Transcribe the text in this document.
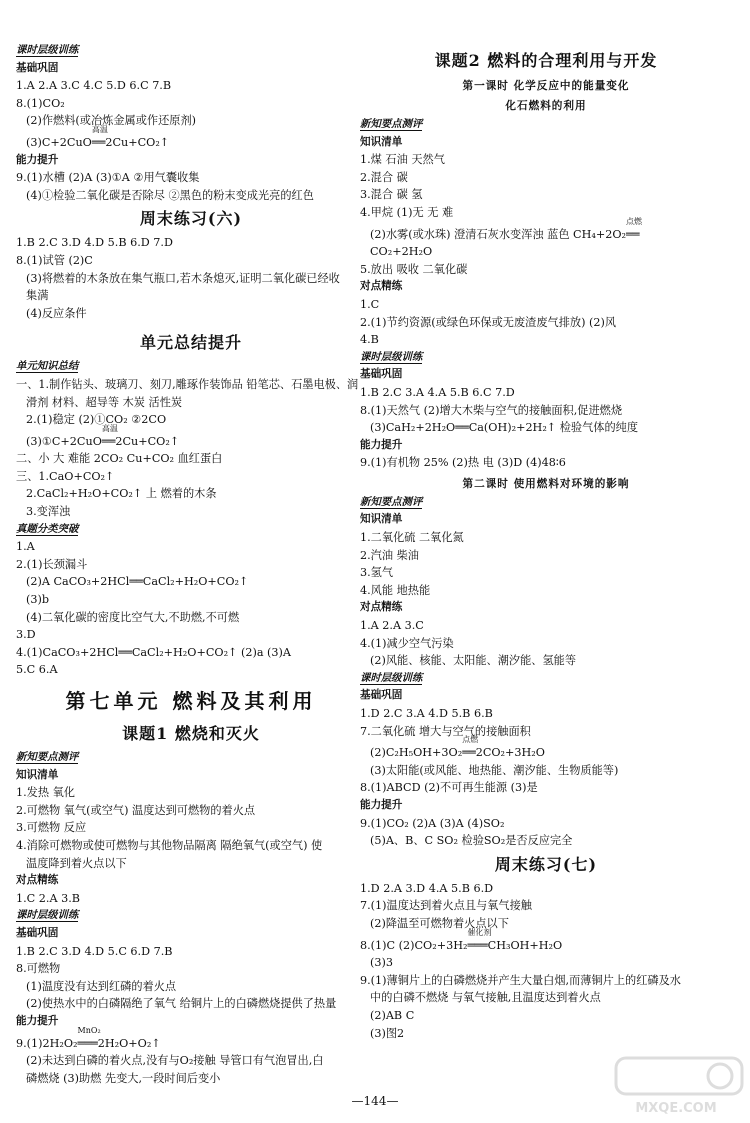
课时层级训练
基础巩固
1.A 2.A 3.C 4.C 5.D 6.C 7.B
8.(1)CO₂
(2)作燃料(或冶炼金属或作还原剂)
(3)C+2CuO
高温
══2Cu+CO₂↑
能力提升
9.(1)水槽 (2)A (3)①A ②用气囊收集
(4)①检验二氧化碳是否除尽 ②黑色的粉末变成光亮的红色
周末练习(六)
1.B 2.C 3.D 4.D 5.B 6.D 7.D
8.(1)试管 (2)C
(3)将燃着的木条放在集气瓶口,若木条熄灭,证明二氧化碳已经收
集满
(4)反应条件
单元总结提升
单元知识总结
一、1.制作钻头、玻璃刀、刻刀,雕琢作装饰品 铅笔芯、石墨电极、润
滑剂 材料、超导等 木炭 活性炭
2.(1)稳定 (2)①CO₂ ②2CO
(3)①C+2CuO
高温
══2Cu+CO₂↑
二、小 大 难能 2CO₂ Cu+CO₂ 血红蛋白
三、1.CaO+CO₂↑
2.CaCl₂+H₂O+CO₂↑ 上 燃着的木条
3.变浑浊
真题分类突破
1.A
2.(1)长颈漏斗
(2)A CaCO₃+2HCl══CaCl₂+H₂O+CO₂↑
(3)b
(4)二氧化碳的密度比空气大,不助燃,不可燃
3.D
4.(1)CaCO₃+2HCl══CaCl₂+H₂O+CO₂↑ (2)a (3)A
5.C 6.A
第七单元 燃料及其利用
课题1 燃烧和灭火
新知要点测评
知识清单
1.发热 氧化
2.可燃物 氧气(或空气) 温度达到可燃物的着火点
3.可燃物 反应
4.消除可燃物或使可燃物与其他物品隔离 隔绝氧气(或空气) 使
温度降到着火点以下
对点精练
1.C 2.A 3.B
课时层级训练
基础巩固
1.B 2.C 3.D 4.D 5.C 6.D 7.B
8.可燃物
(1)温度没有达到红磷的着火点
(2)使热水中的白磷隔绝了氧气 给铜片上的白磷燃烧提供了热量
能力提升
9.(1)2H₂O₂
MnO₂
═══2H₂O+O₂↑
(2)未达到白磷的着火点,没有与O₂接触 导管口有气泡冒出,白
磷燃烧 (3)助燃 先变大,一段时间后变小
课题2 燃料的合理利用与开发
第一课时 化学反应中的能量变化
化石燃料的利用
新知要点测评
知识清单
1.煤 石油 天然气
2.混合 碳
3.混合 碳 氢
4.甲烷 (1)无 无 难
(2)水雾(或水珠) 澄清石灰水变浑浊 蓝色 CH₄+2O₂
点燃
══
CO₂+2H₂O
5.放出 吸收 二氧化碳
对点精练
1.C
2.(1)节约资源(或绿色环保或无废渣废气排放) (2)风
4.B
课时层级训练
基础巩固
1.B 2.C 3.A 4.A 5.B 6.C 7.D
8.(1)天然气 (2)增大木柴与空气的接触面积,促进燃烧
(3)CaH₂+2H₂O══Ca(OH)₂+2H₂↑ 检验气体的纯度
能力提升
9.(1)有机物 25% (2)热 电 (3)D (4)48∶6
第二课时 使用燃料对环境的影响
新知要点测评
知识清单
1.二氧化硫 二氧化氮
2.汽油 柴油
3.氢气
4.风能 地热能
对点精练
1.A 2.A 3.C
4.(1)减少空气污染
(2)风能、核能、太阳能、潮汐能、氢能等
课时层级训练
基础巩固
1.D 2.C 3.A 4.D 5.B 6.B
7.二氧化硫 增大与空气的接触面积
(2)C₂H₅OH+3O₂
点燃
══2CO₂+3H₂O
(3)太阳能(或风能、地热能、潮汐能、生物质能等)
8.(1)ABCD (2)不可再生能源 (3)是
能力提升
9.(1)CO₂ (2)A (3)A (4)SO₂
(5)A、B、C SO₂ 检验SO₂是否反应完全
周末练习(七)
1.D 2.A 3.D 4.A 5.B 6.D
7.(1)温度达到着火点且与氧气接触
(2)降温至可燃物着火点以下
8.(1)C (2)CO₂+3H₂
催化剂
═══CH₃OH+H₂O
(3)3
9.(1)薄铜片上的白磷燃烧并产生大量白烟,而薄铜片上的红磷及水
中的白磷不燃烧 与氧气接触,且温度达到着火点
(2)AB C
(3)图2
—144—	MXQE.COM
